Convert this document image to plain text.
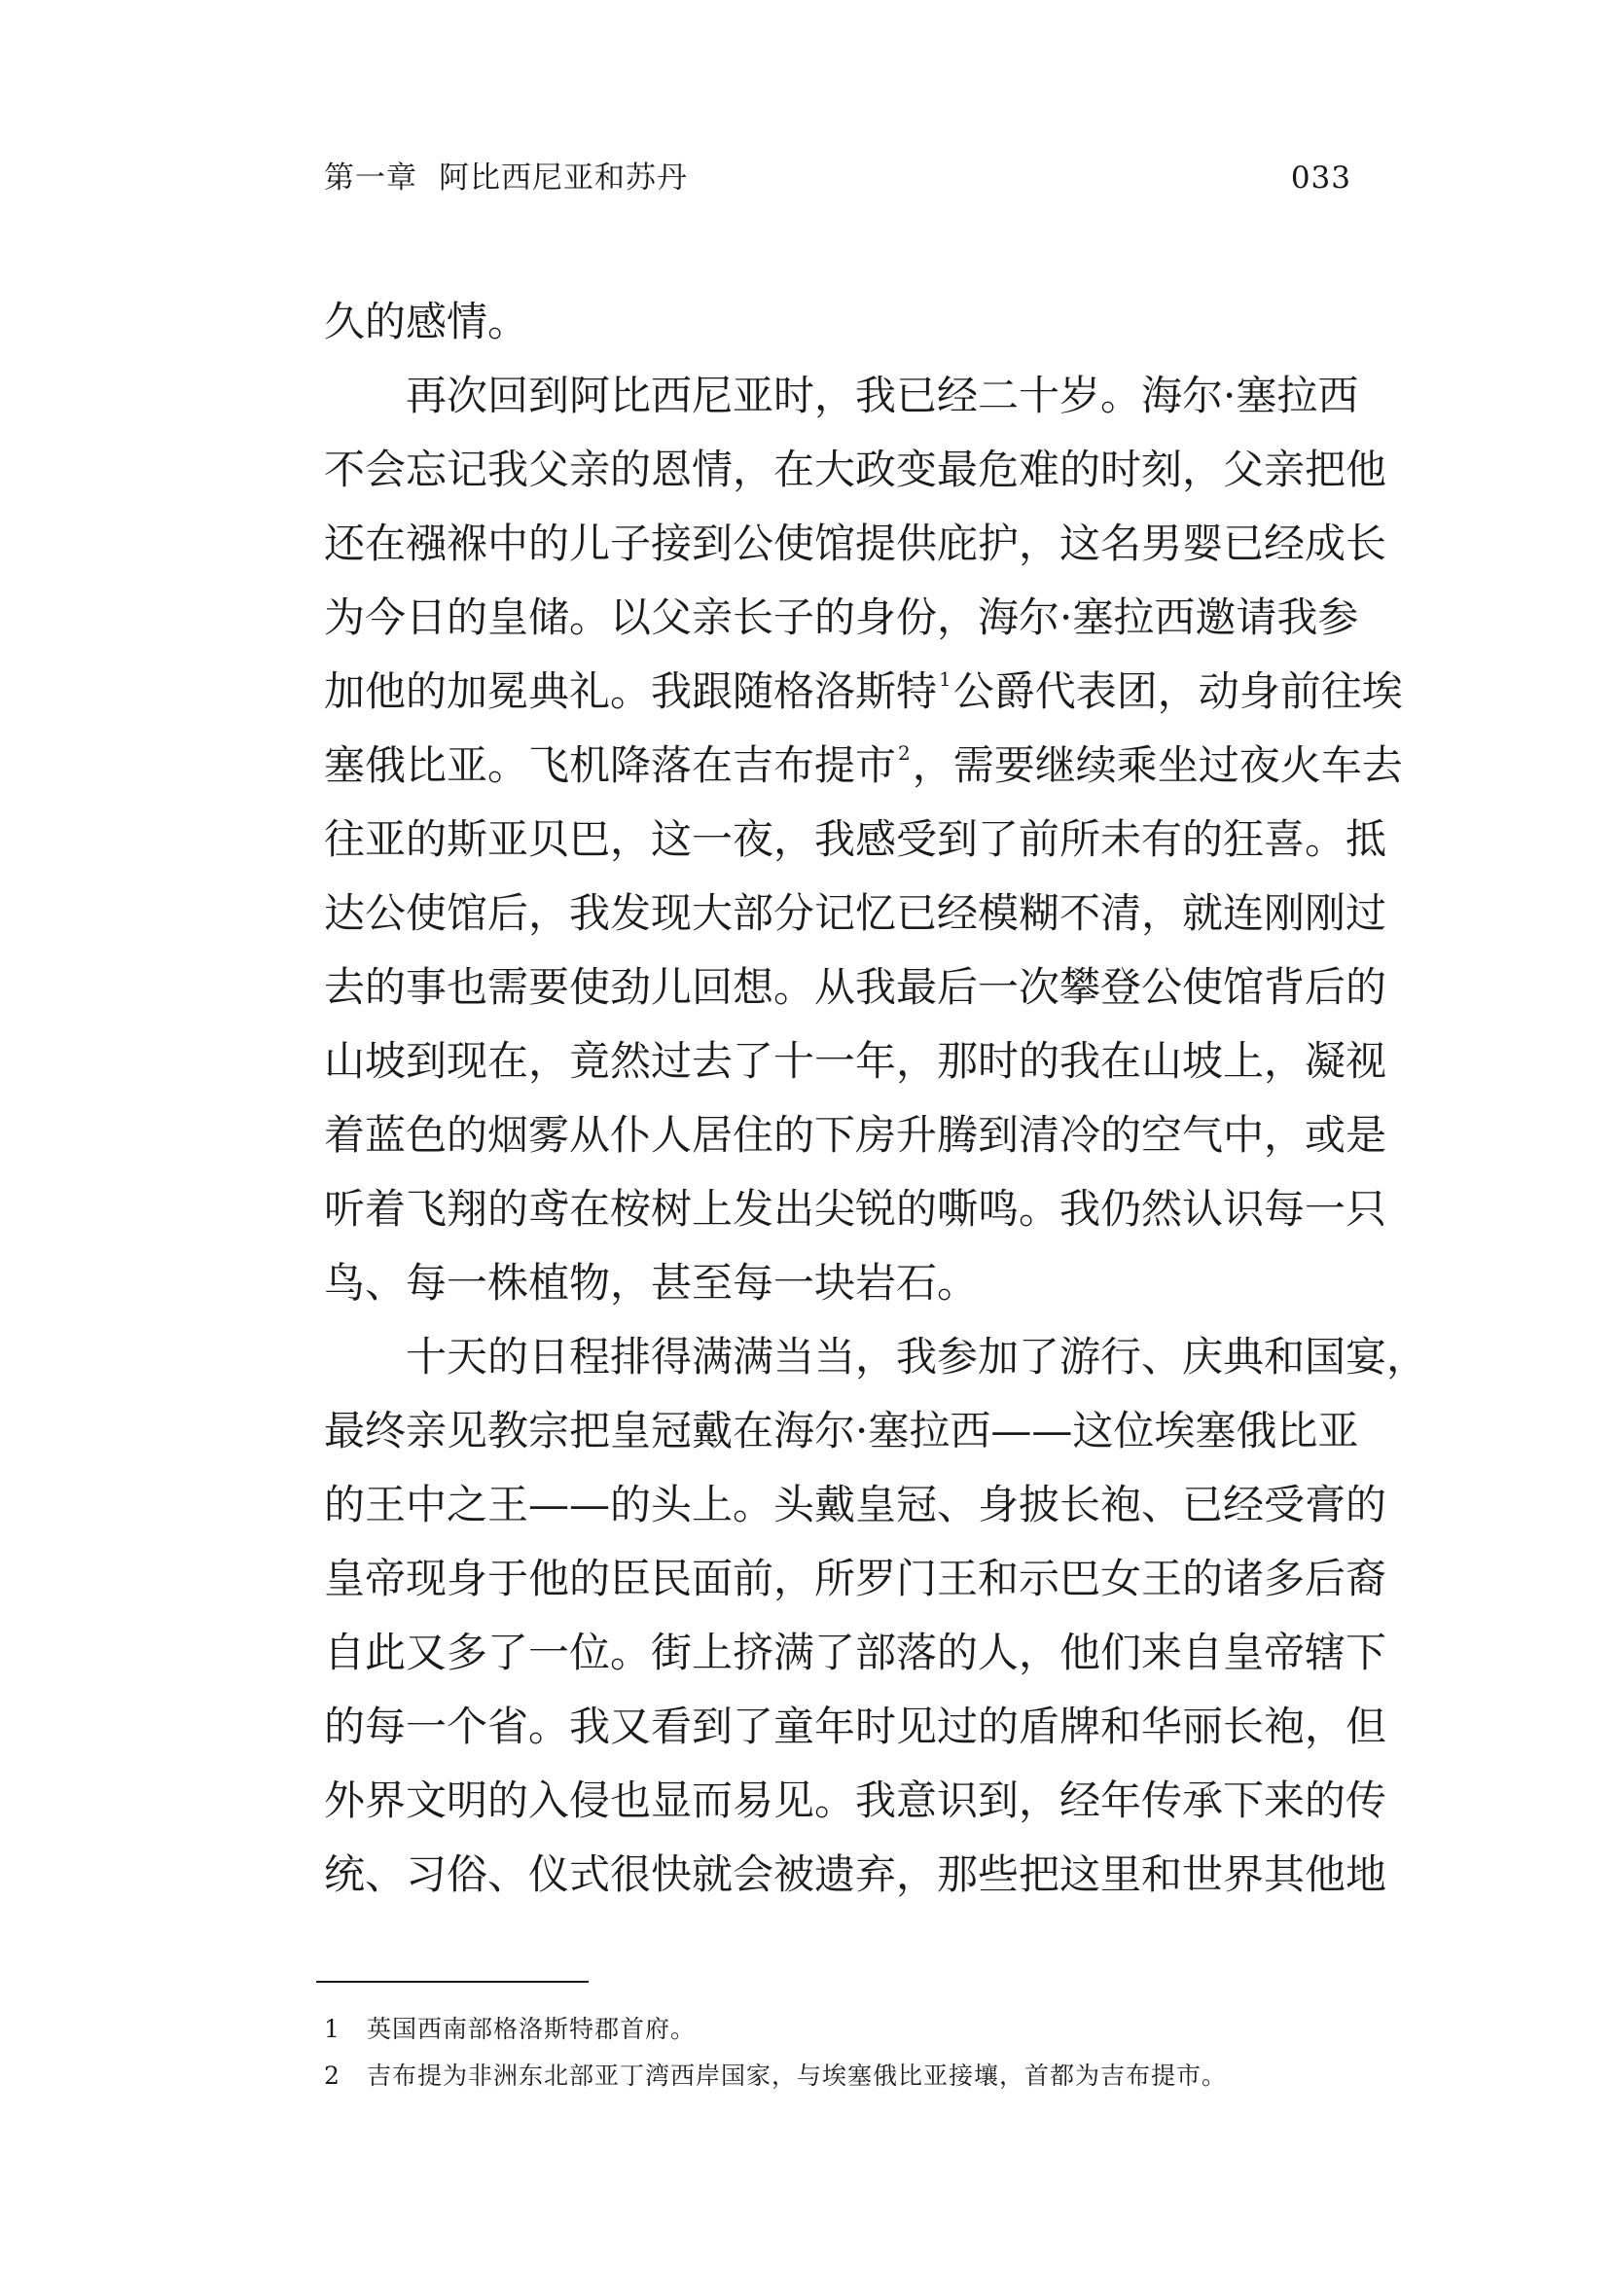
第一章 阿比西尼亚和苏丹	033
久的感情。
再次回到阿比西尼亚时，我已经二十岁。海尔·塞拉西
不会忘记我父亲的恩情，在大政变最危难的时刻，父亲把他
还在襁褓中的儿子接到公使馆提供庇护，这名男婴已经成长
为今日的皇储。以父亲长子的身份，海尔·塞拉西邀请我参
加他的加冕典礼。我跟随格洛斯特 $^1$公爵代表团，动身前往埃
塞俄比亚。飞机降落在吉布提市 $^2$，需要继续乘坐过夜火车去
往亚的斯亚贝巴，这一夜，我感受到了前所未有的狂喜。抵
达公使馆后，我发现大部分记忆已经模糊不清，就连刚刚过
去的事也需要使劲儿回想。从我最后一次攀登公使馆背后的
山坡到现在，竟然过去了十一年，那时的我在山坡上，凝视
着蓝色的烟雾从仆人居住的下房升腾到清冷的空气中，或是
听着飞翔的鸢在桉树上发出尖锐的嘶鸣。我仍然认识每一只
鸟、每一株植物，甚至每一块岩石。
十天的日程排得满满当当，我参加了游行、庆典和国宴，
最终亲见教宗把皇冠戴在海尔·塞拉西——这位埃塞俄比亚
的王中之王——的头上。头戴皇冠、身披长袍、已经受膏的
皇帝现身于他的臣民面前，所罗门王和示巴女王的诸多后裔
自此又多了一位。街上挤满了部落的人，他们来自皇帝辖下
的每一个省。我又看到了童年时见过的盾牌和华丽长袍，但
外界文明的入侵也显而易见。我意识到，经年传承下来的传
统、习俗、仪式很快就会被遗弃，那些把这里和世界其他地
1 英国西南部格洛斯特郡首府。
2 吉布提为非洲东北部亚丁湾西岸国家，与埃塞俄比亚接壤，首都为吉布提市。
